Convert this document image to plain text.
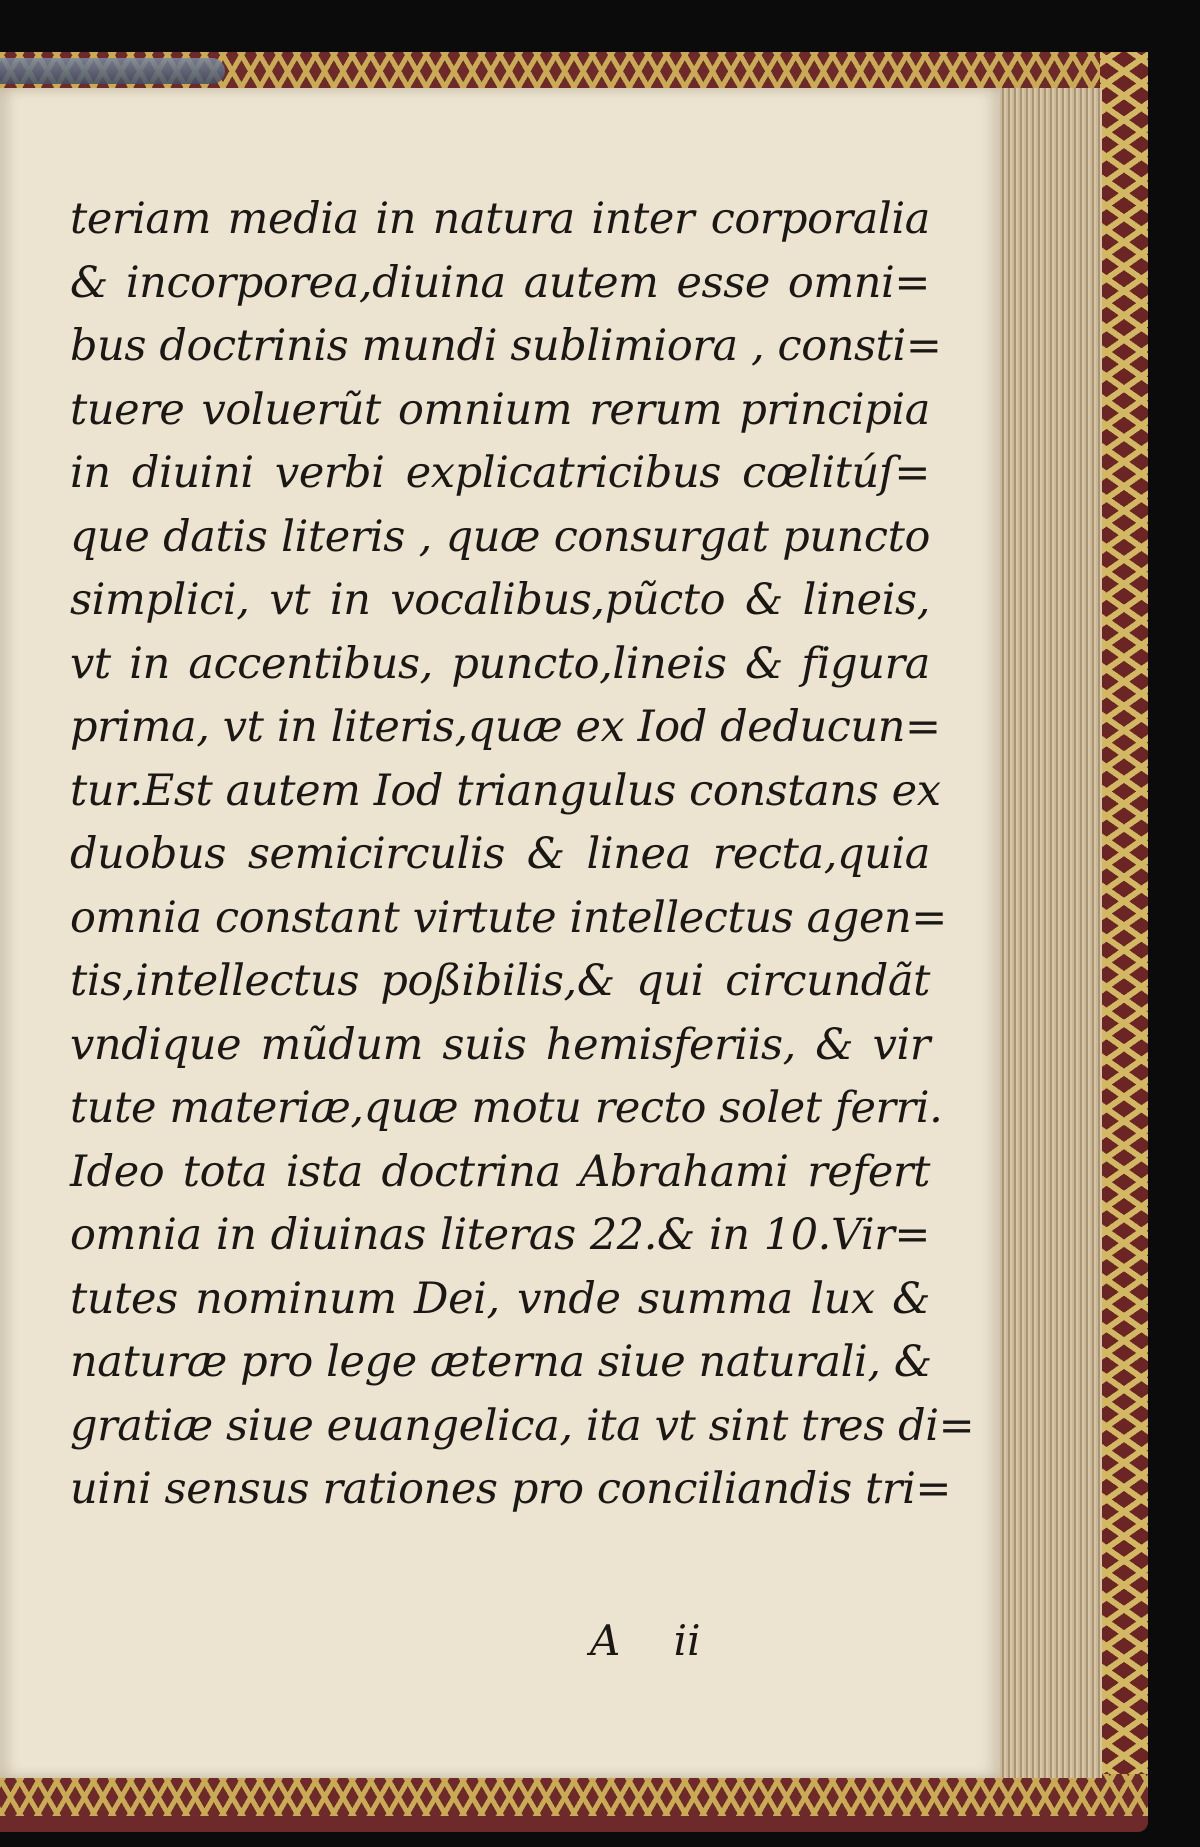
teriam media in natura inter corporalia
& incorporea,diuina autem esse omni=
bus doctrinis mundi sublimiora , consti=
tuere voluerũt omnium rerum principia
in diuini verbi explicatricibus cœlitúſ=
que datis literis , quæ consurgat puncto
simplici, vt in vocalibus,pũcto & lineis,
vt in accentibus, puncto,lineis & figura
prima, vt in literis,quæ ex Iod deducun=
tur.Est autem Iod triangulus constans ex
duobus semicirculis & linea recta,quia
omnia constant virtute intellectus agen=
tis,intellectus poßibilis,& qui circundãt
vndique mũdum suis hemisferiis, & vir
tute materiæ,quæ motu recto solet ferri.
Ideo tota ista doctrina Abrahami refert
omnia in diuinas literas 22.& in 10.Vir=
tutes nominum Dei, vnde summa lux &
naturæ pro lege æterna siue naturali, &
gratiæ siue euangelica, ita vt sint tres di=
uini sensus rationes pro conciliandis tri=
A ii
